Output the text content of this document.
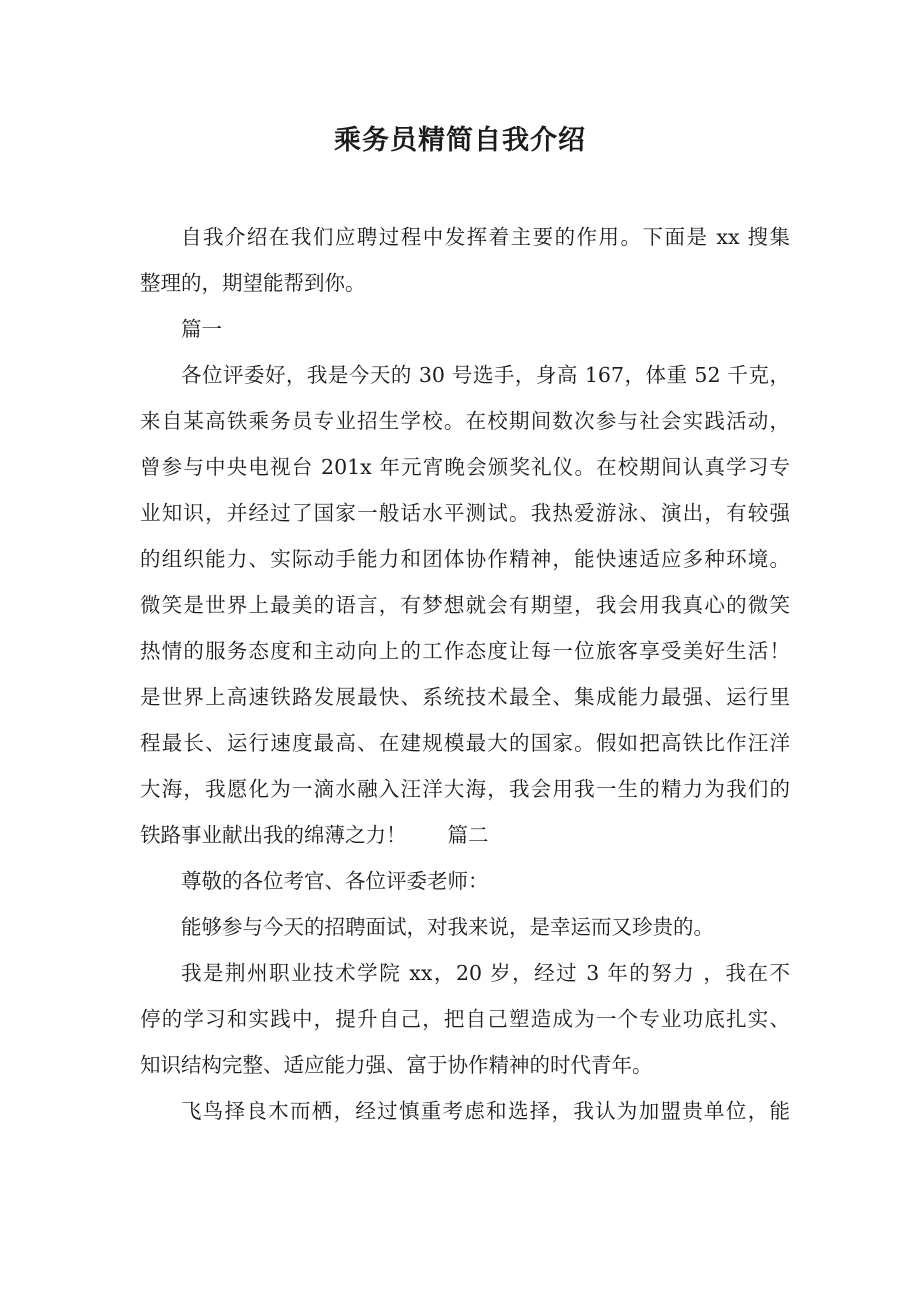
乘务员精简自我介绍
自我介绍在我们应聘过程中发挥着主要的作用。下面是 xx 搜集
整理的，期望能帮到你。
篇一
各位评委好，我是今天的 30 号选手，身高 167，体重 52 千克，
来自某高铁乘务员专业招生学校。在校期间数次参与社会实践活动，
曾参与中央电视台 201x 年元宵晚会颁奖礼仪。在校期间认真学习专
业知识，并经过了国家一般话水平测试。我热爱游泳、演出，有较强
的组织能力、实际动手能力和团体协作精神，能快速适应多种环境。
微笑是世界上最美的语言，有梦想就会有期望，我会用我真心的微笑
热情的服务态度和主动向上的工作态度让每一位旅客享受美好生活！
是世界上高速铁路发展最快、系统技术最全、集成能力最强、运行里
程最长、运行速度最高、在建规模最大的国家。假如把高铁比作汪洋
大海，我愿化为一滴水融入汪洋大海，我会用我一生的精力为我们的
铁路事业献出我的绵薄之力！　　篇二
尊敬的各位考官、各位评委老师：
能够参与今天的招聘面试，对我来说，是幸运而又珍贵的。
我是荆州职业技术学院 xx，20 岁，经过 3 年的努力 ，我在不
停的学习和实践中，提升自己，把自己塑造成为一个专业功底扎实、
知识结构完整、适应能力强、富于协作精神的时代青年。
飞鸟择良木而栖，经过慎重考虑和选择，我认为加盟贵单位，能
